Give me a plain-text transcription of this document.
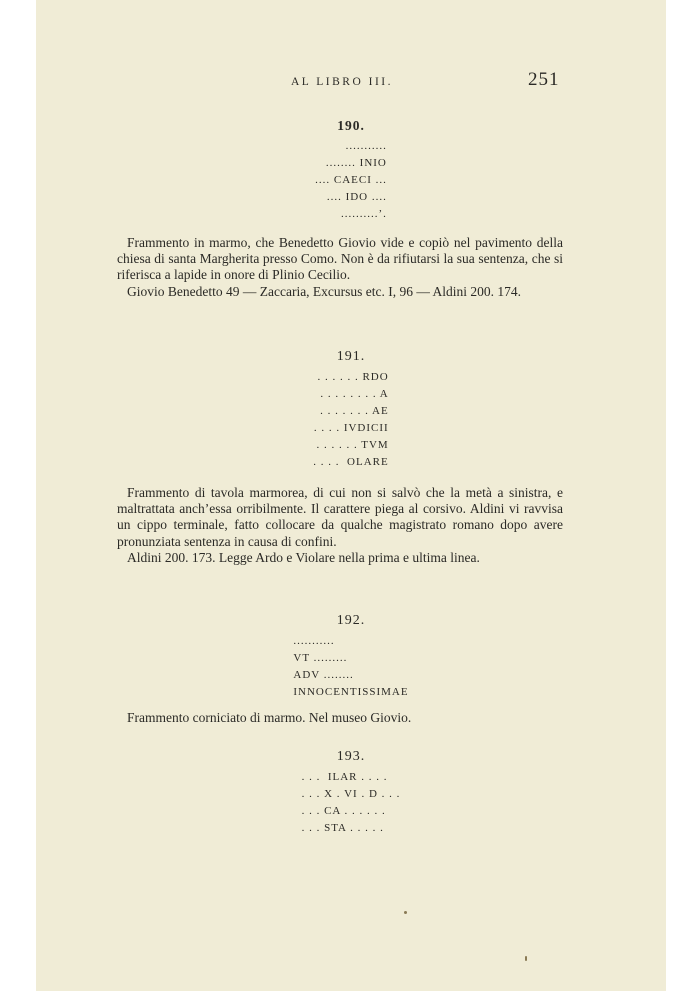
AL LIBRO III.	251
190.
...........
........ INIO
.... CAECI ...
.... IDO ....
..........’.

Frammento in marmo, che Benedetto Giovio vide e copiò nel pavimento della chiesa di santa Margherita presso Como. Non è da rifiutarsi la sua sentenza, che si riferisca a lapide in onore di Plinio Cecilio.

Giovio Benedetto 49 — Zaccaria, Excursus etc. I, 96 — Aldini 200. 174.

191.
. . . . . . RDO
. . . . . . . . A
. . . . . . . AE
. . . . IVDICII
. . . . . . TVM
. . . .  OLARE

Frammento di tavola marmorea, di cui non si salvò che la metà a sinistra, e maltrattata anch’essa orribilmente. Il carattere piega al corsivo. Aldini vi ravvisa un cippo terminale, fatto collocare da qualche magistrato romano dopo avere pronunziata sentenza in causa di confini.

Aldini 200. 173. Legge Ardo e Violare nella prima e ultima linea.

192.
...........
VT .........
ADV ........
INNOCENTISSIMAE

Frammento corniciato di marmo. Nel museo Giovio.

193.
. . .  ILAR . . . .
. . . X . VI . D . . .
. . . CA . . . . . .
. . . STA . . . . .
